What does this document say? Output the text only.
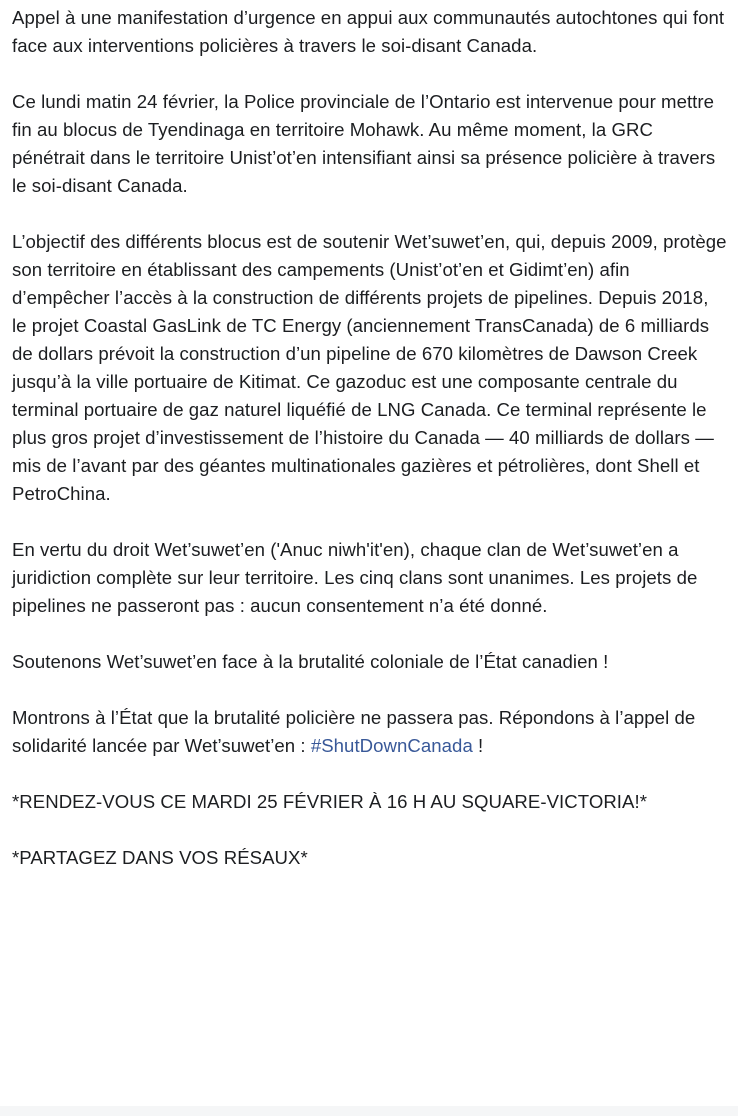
Appel à une manifestation d’urgence en appui aux communautés autochtones qui font face aux interventions policières à travers le soi-disant Canada.

Ce lundi matin 24 février, la Police provinciale de l’Ontario est intervenue pour mettre fin au blocus de Tyendinaga en territoire Mohawk. Au même moment, la GRC pénétrait dans le territoire Unist’ot’en intensifiant ainsi sa présence policière à travers le soi-disant Canada.

L’objectif des différents blocus est de soutenir Wet’suwet’en, qui, depuis 2009, protège son territoire en établissant des campements (Unist’ot’en et Gidimt’en) afin d’empêcher l’accès à la construction de différents projets de pipelines. Depuis 2018, le projet Coastal GasLink de TC Energy (anciennement TransCanada) de 6 milliards de dollars prévoit la construction d’un pipeline de 670 kilomètres de Dawson Creek jusqu’à la ville portuaire de Kitimat. Ce gazoduc est une composante centrale du terminal portuaire de gaz naturel liquéfié de LNG Canada. Ce terminal représente le plus gros projet d’investissement de l’histoire du Canada — 40 milliards de dollars — mis de l’avant par des géantes multinationales gazières et pétrolières, dont Shell et PetroChina.

En vertu du droit Wet’suwet’en ('Anuc niwh'it'en), chaque clan de Wet’suwet’en a juridiction complète sur leur territoire. Les cinq clans sont unanimes. Les projets de pipelines ne passeront pas : aucun consentement n’a été donné.

Soutenons Wet’suwet’en face à la brutalité coloniale de l’État canadien !

Montrons à l’État que la brutalité policière ne passera pas. Répondons à l’appel de solidarité lancée par Wet’suwet’en : #ShutDownCanada !

*RENDEZ-VOUS CE MARDI 25 FÉVRIER À 16 H AU SQUARE-VICTORIA!*

*PARTAGEZ DANS VOS RÉSAUX*
